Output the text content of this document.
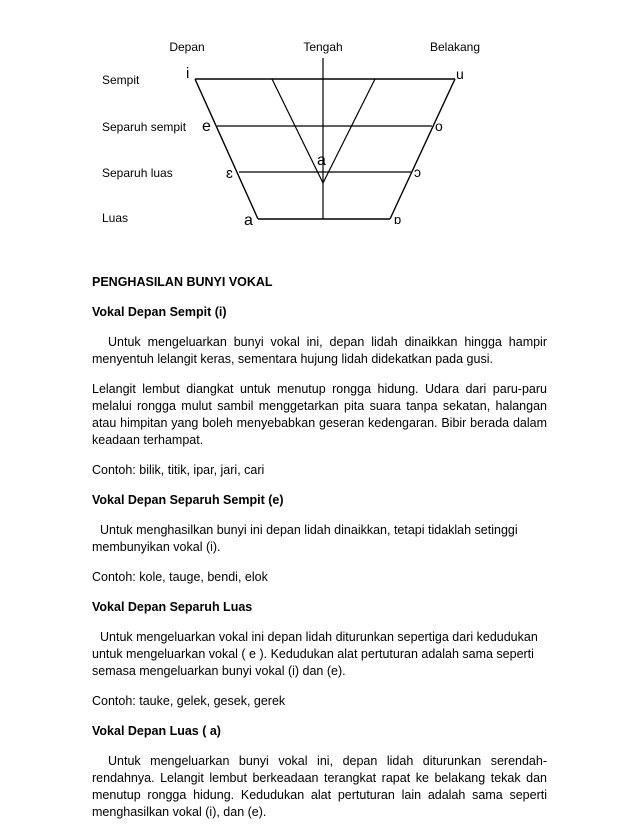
Depan	Tengah	Belakang
Sempit
Separuh sempit
Separuh luas
Luas
i
e
ɛ
a
a
u
o
ɔ
ɒ
PENGHASILAN BUNYI VOKAL
Vokal Depan Sempit (i)

Untuk mengeluarkan bunyi vokal ini, depan lidah dinaikkan hingga hampir menyentuh lelangit keras, sementara hujung lidah didekatkan pada gusi.

Lelangit lembut diangkat untuk menutup rongga hidung. Udara dari paru-paru melalui rongga mulut sambil menggetarkan pita suara tanpa sekatan, halangan atau himpitan yang boleh menyebabkan geseran kedengaran. Bibir berada dalam keadaan terhampat.

Contoh: bilik, titik, ipar, jari, cari

Vokal Depan Separuh Sempit (e)

Untuk menghasilkan bunyi ini depan lidah dinaikkan, tetapi tidaklah setinggi membunyikan vokal (i).

Contoh: kole, tauge, bendi, elok

Vokal Depan Separuh Luas

Untuk mengeluarkan vokal ini depan lidah diturunkan sepertiga dari kedudukan untuk mengeluarkan vokal ( e ). Kedudukan alat pertuturan adalah sama seperti semasa mengeluarkan bunyi vokal (i) dan (e).

Contoh: tauke, gelek, gesek, gerek

Vokal Depan Luas ( a)

Untuk mengeluarkan bunyi vokal ini, depan lidah diturunkan serendah-rendahnya. Lelangit lembut berkeadaan terangkat rapat ke belakang tekak dan menutup rongga hidung. Kedudukan alat pertuturan lain adalah sama seperti menghasilkan vokal (i), dan (e).
